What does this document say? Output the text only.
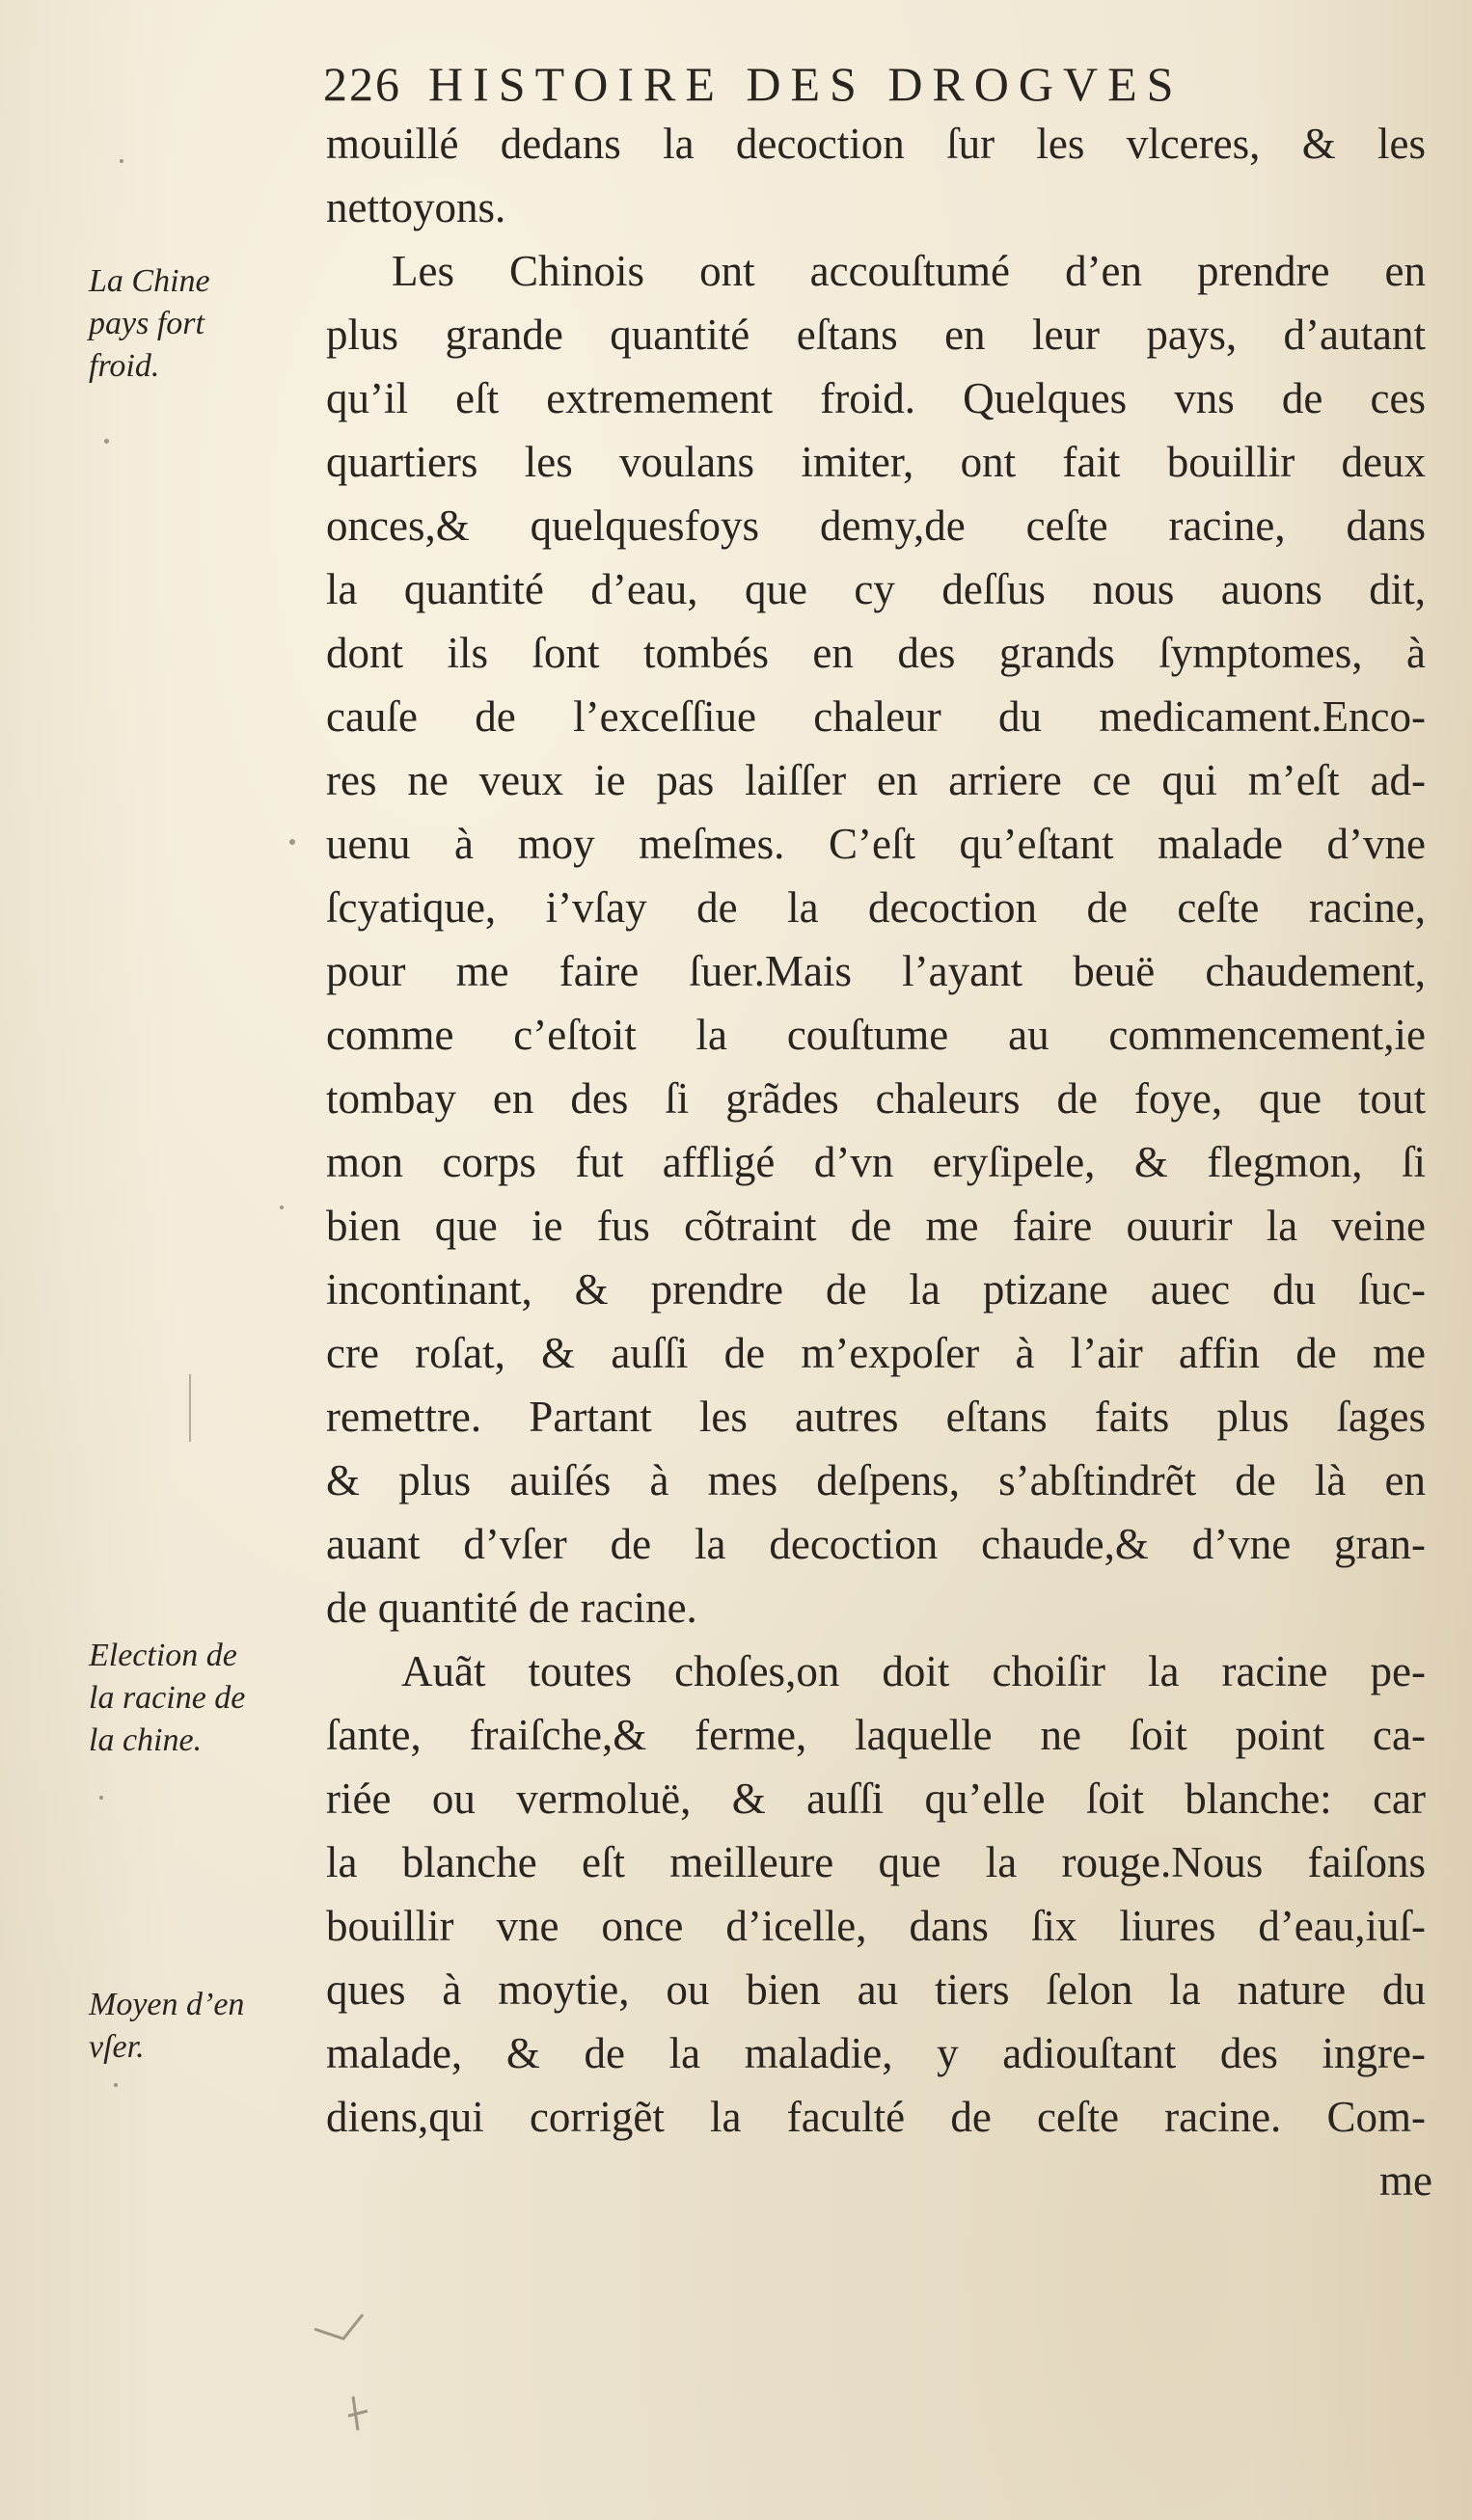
226 HISTOIRE DES DROGVES
mouillé dedans la decoction ſur les vlceres, & les
nettoyons.
Les Chinois ont accouſtumé d’en prendre en
plus grande quantité eſtans en leur pays, d’autant
qu’il eſt extremement froid. Quelques vns de ces
quartiers les voulans imiter, ont fait bouillir deux
onces,& quelquesfoys demy,de ceſte racine, dans
la quantité d’eau, que cy deſſus nous auons dit,
dont ils ſont tombés en des grands ſymptomes, à
cauſe de l’exceſſiue chaleur du medicament.Enco-
res ne veux ie pas laiſſer en arriere ce qui m’eſt ad-
uenu à moy meſmes. C’eſt qu’eſtant malade d’vne
ſcyatique, i’vſay de la decoction de ceſte racine,
pour me faire ſuer.Mais l’ayant beuë chaudement,
comme c’eſtoit la couſtume au commencement,ie
tombay en des ſi grãdes chaleurs de foye, que tout
mon corps fut affligé d’vn eryſipele, & flegmon, ſi
bien que ie fus cõtraint de me faire ouurir la veine
incontinant, & prendre de la ptizane auec du ſuc-
cre roſat, & auſſi de m’expoſer à l’air affin de me
remettre. Partant les autres eſtans faits plus ſages
& plus auiſés à mes deſpens, s’abſtindrẽt de là en
auant d’vſer de la decoction chaude,& d’vne gran-
de quantité de racine.
Auãt toutes choſes,on doit choiſir la racine pe-
ſante, fraiſche,& ferme, laquelle ne ſoit point ca-
riée ou vermoluë, & auſſi qu’elle ſoit blanche: car
la blanche eſt meilleure que la rouge.Nous faiſons
bouillir vne once d’icelle, dans ſix liures d’eau,iuſ-
ques à moytie, ou bien au tiers ſelon la nature du
malade, & de la maladie, y adiouſtant des ingre-
diens,qui corrigẽt la faculté de ceſte racine. Com-
me
La Chine
pays fort
froid.
Election de
la racine de
la chine.
Moyen d’en
vſer.
